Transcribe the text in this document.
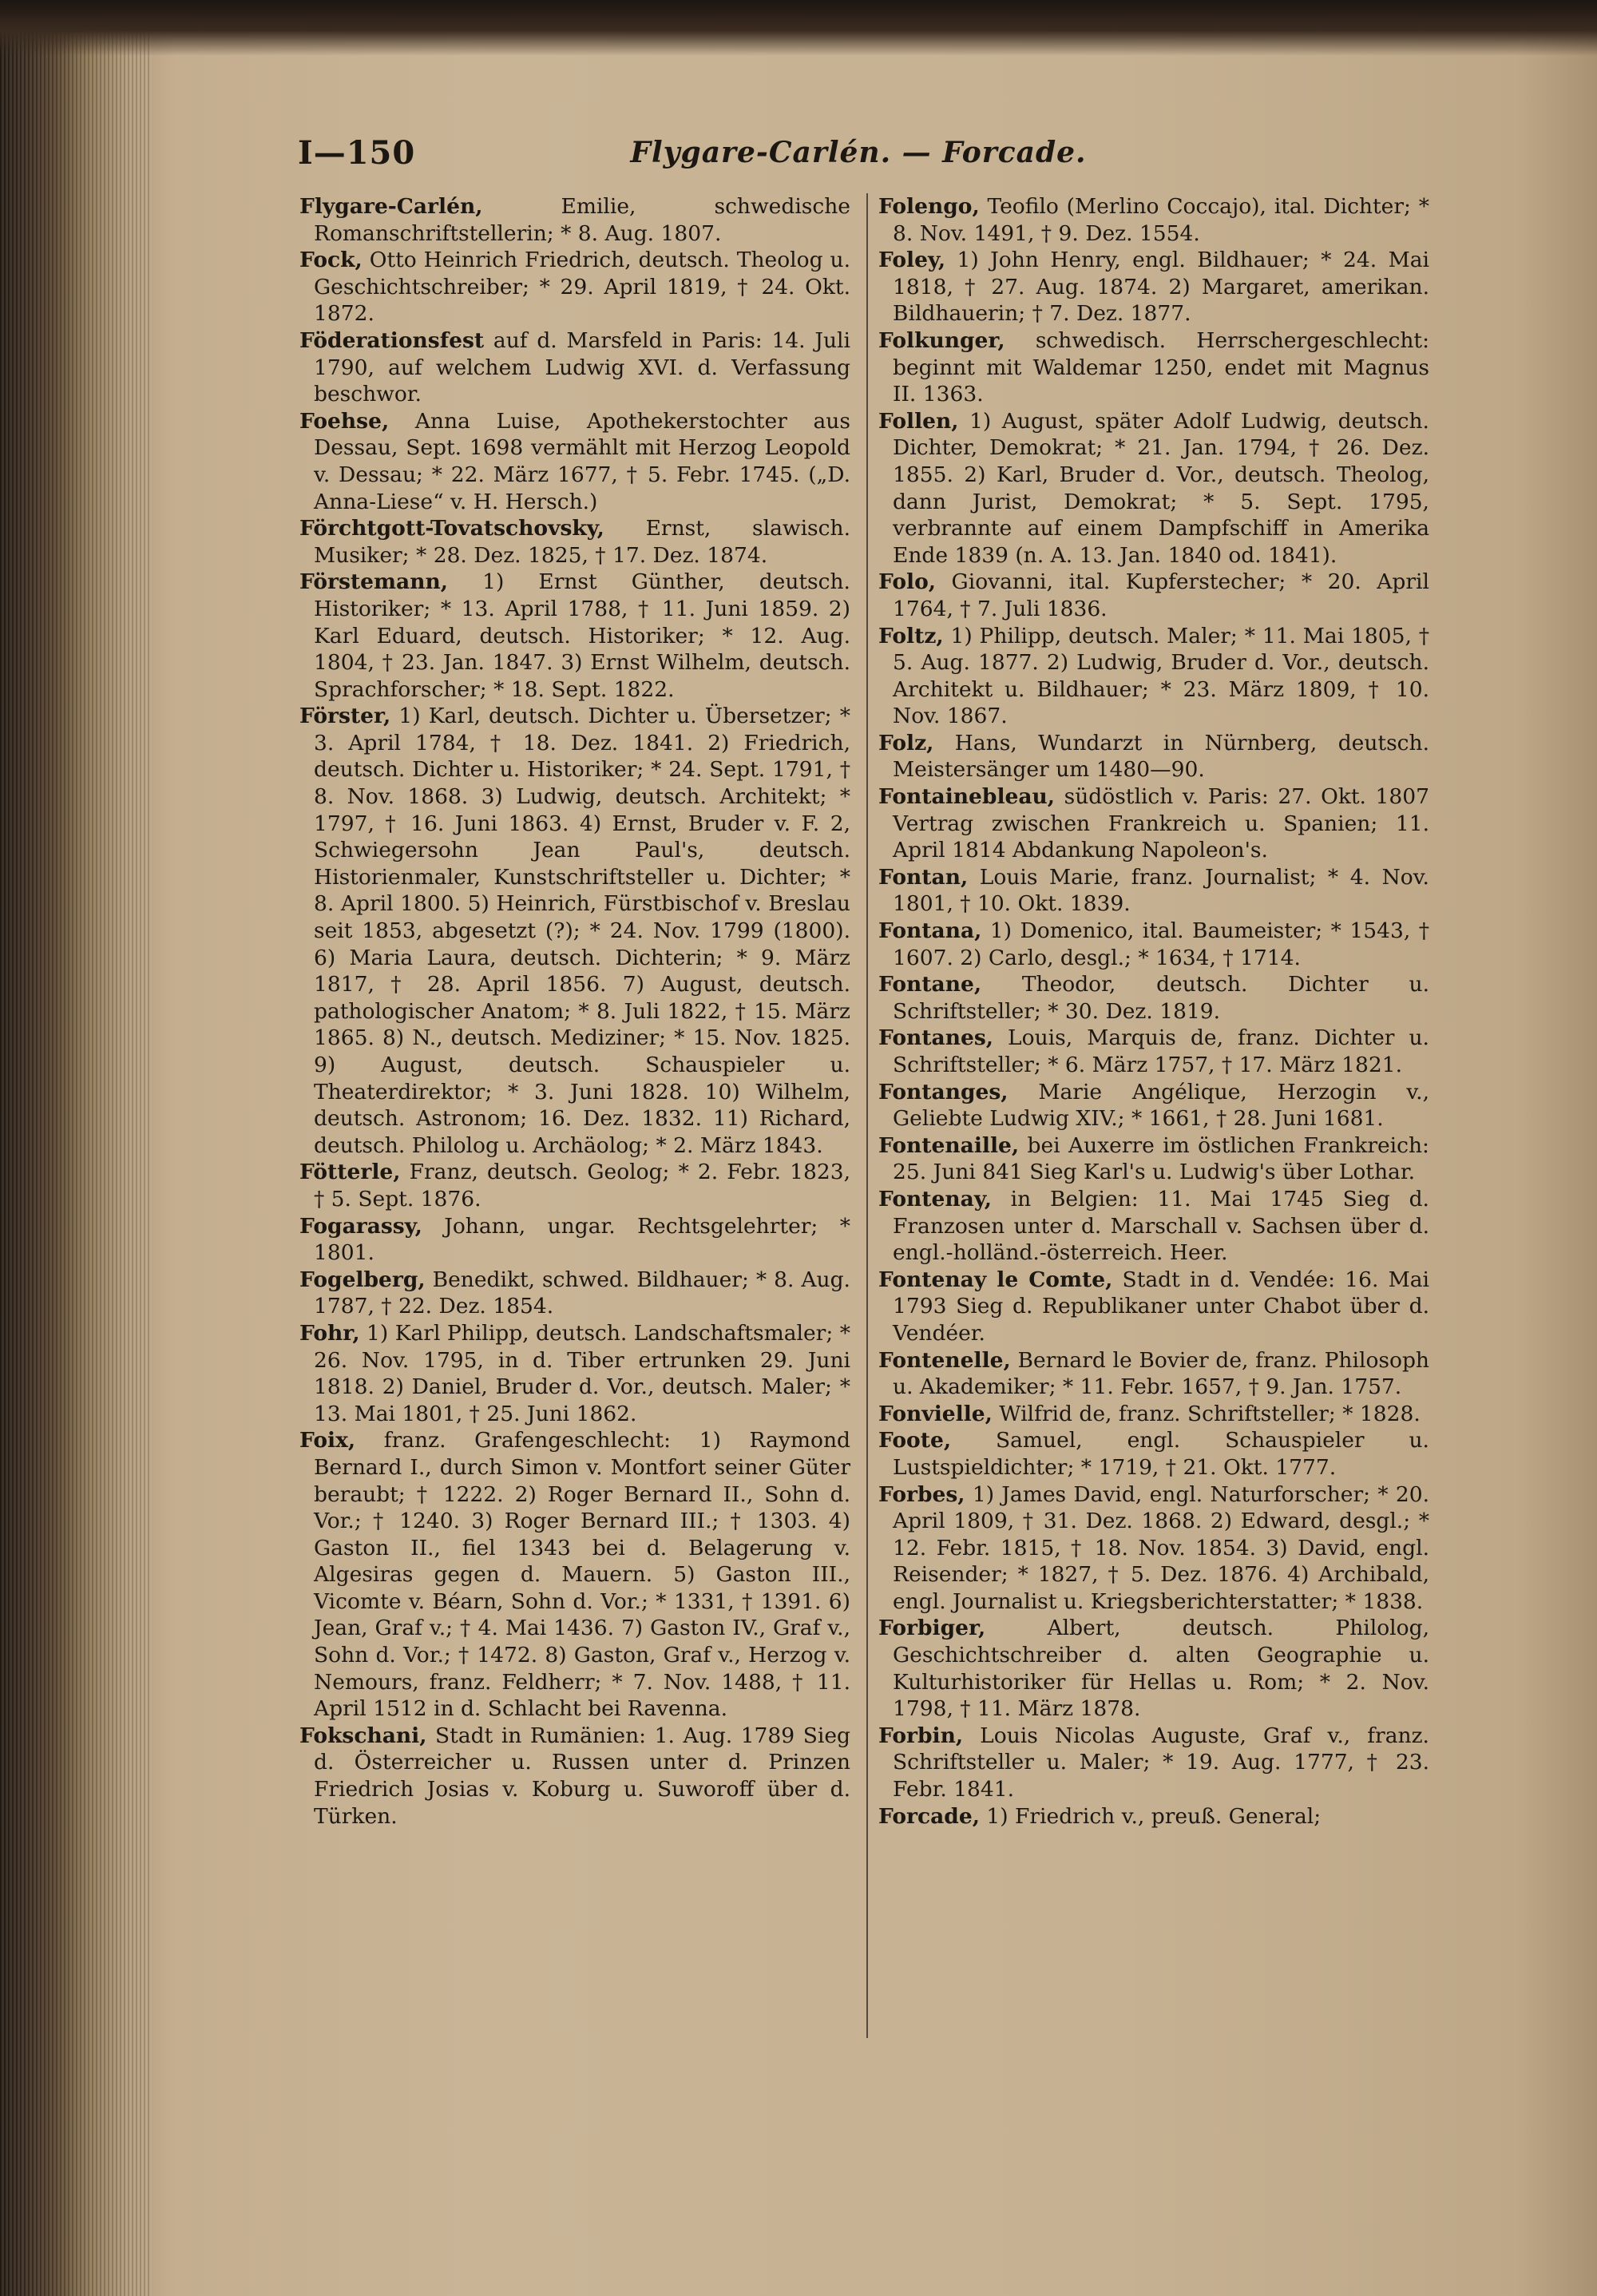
I—150	Flygare-Carlén. — Forcade.

Flygare-Carlén,	Emilie, schwedische Romanschriftstellerin; * 8. Aug. 1807.

Fock, Otto Heinrich Friedrich, deutsch. Theolog u. Geschichtschreiber; * 29. April 1819, † 24. Okt. 1872.

Föderationsfest auf d. Marsfeld in Paris: 14. Juli 1790, auf welchem Ludwig XVI. d. Verfassung beschwor.

Foehse, Anna Luise, Apothekerstochter aus Dessau, Sept. 1698 vermählt mit Herzog Leopold v. Dessau; * 22. März 1677, † 5. Febr. 1745. („D. Anna-Liese“ v. H. Hersch.)

Förchtgott-Tovatschovsky, Ernst, slawisch. Musiker; * 28. Dez. 1825, † 17. Dez. 1874.

Förstemann, 1) Ernst Günther, deutsch. Historiker; * 13. April 1788, † 11. Juni 1859. 2) Karl Eduard, deutsch. Historiker; * 12. Aug. 1804, † 23. Jan. 1847. 3) Ernst Wilhelm, deutsch. Sprachforscher; * 18. Sept. 1822.

Förster, 1) Karl, deutsch. Dichter u. Übersetzer; * 3. April 1784, † 18. Dez. 1841. 2) Friedrich, deutsch. Dichter u. Historiker; * 24. Sept. 1791, † 8. Nov. 1868. 3) Ludwig, deutsch. Architekt; * 1797, † 16. Juni 1863. 4) Ernst, Bruder v. F. 2, Schwiegersohn Jean Paul's, deutsch. Historienmaler, Kunstschriftsteller u. Dichter; * 8. April 1800. 5) Heinrich, Fürstbischof v. Breslau seit 1853, abgesetzt (?); * 24. Nov. 1799 (1800). 6) Maria Laura, deutsch. Dichterin; * 9. März 1817, † 28. April 1856. 7) August, deutsch. pathologischer Anatom; * 8. Juli 1822, † 15. März 1865. 8) N., deutsch. Mediziner; * 15. Nov. 1825. 9) August, deutsch. Schauspieler u. Theaterdirektor; * 3. Juni 1828. 10) Wilhelm, deutsch. Astronom; 16. Dez. 1832. 11) Richard, deutsch. Philolog u. Archäolog; * 2. März 1843.

Fötterle, Franz, deutsch. Geolog; * 2. Febr. 1823, † 5. Sept. 1876.

Fogarassy, Johann, ungar. Rechtsgelehrter; * 1801.

Fogelberg, Benedikt, schwed. Bildhauer; * 8. Aug. 1787, † 22. Dez. 1854.

Fohr, 1) Karl Philipp, deutsch. Landschaftsmaler; * 26. Nov. 1795, in d. Tiber ertrunken 29. Juni 1818. 2) Daniel, Bruder d. Vor., deutsch. Maler; * 13. Mai 1801, † 25. Juni 1862.

Foix, franz. Grafengeschlecht: 1) Raymond Bernard I., durch Simon v. Montfort seiner Güter beraubt; † 1222. 2) Roger Bernard II., Sohn d. Vor.; † 1240. 3) Roger Bernard III.; † 1303. 4) Gaston II., fiel 1343 bei d. Belagerung v. Algesiras gegen d. Mauern. 5) Gaston III., Vicomte v. Béarn, Sohn d. Vor.; * 1331, † 1391. 6) Jean, Graf v.; † 4. Mai 1436. 7) Gaston IV., Graf v., Sohn d. Vor.; † 1472. 8) Gaston, Graf v., Herzog v. Nemours, franz. Feldherr; * 7. Nov. 1488, † 11. April 1512 in d. Schlacht bei Ravenna.

Fokschani, Stadt in Rumänien: 1. Aug. 1789 Sieg d. Österreicher u. Russen unter d. Prinzen Friedrich Josias v. Koburg u. Suworoff über d. Türken.

Folengo, Teofilo (Merlino Coccajo), ital. Dichter; * 8. Nov. 1491, † 9. Dez. 1554.

Foley, 1) John Henry, engl. Bildhauer; * 24. Mai 1818, † 27. Aug. 1874. 2) Margaret, amerikan. Bildhauerin; † 7. Dez. 1877.

Folkunger, schwedisch. Herrschergeschlecht: beginnt mit Waldemar 1250, endet mit Magnus II. 1363.

Follen, 1) August, später Adolf Ludwig, deutsch. Dichter, Demokrat; * 21. Jan. 1794, † 26. Dez. 1855. 2) Karl, Bruder d. Vor., deutsch. Theolog, dann Jurist, Demokrat; * 5. Sept. 1795, verbrannte auf einem Dampfschiff in Amerika Ende 1839 (n. A. 13. Jan. 1840 od. 1841).

Folo, Giovanni, ital. Kupferstecher; * 20. April 1764, † 7. Juli 1836.

Foltz, 1) Philipp, deutsch. Maler; * 11. Mai 1805, † 5. Aug. 1877. 2) Ludwig, Bruder d. Vor., deutsch. Architekt u. Bildhauer; * 23. März 1809, † 10. Nov. 1867.

Folz, Hans, Wundarzt in Nürnberg, deutsch. Meistersänger um 1480—90.

Fontainebleau, südöstlich v. Paris: 27. Okt. 1807 Vertrag zwischen Frankreich u. Spanien; 11. April 1814 Abdankung Napoleon's.

Fontan, Louis Marie, franz. Journalist; * 4. Nov. 1801, † 10. Okt. 1839.

Fontana, 1) Domenico, ital. Baumeister; * 1543, † 1607. 2) Carlo, desgl.; * 1634, † 1714.

Fontane, Theodor, deutsch. Dichter u. Schriftsteller; * 30. Dez. 1819.

Fontanes, Louis, Marquis de, franz. Dichter u. Schriftsteller; * 6. März 1757, † 17. März 1821.

Fontanges, Marie Angélique, Herzogin v., Geliebte Ludwig XIV.; * 1661, † 28. Juni 1681.

Fontenaille, bei Auxerre im östlichen Frankreich: 25. Juni 841 Sieg Karl's u. Ludwig's über Lothar.

Fontenay, in Belgien: 11. Mai 1745 Sieg d. Franzosen unter d. Marschall v. Sachsen über d. engl.-holländ.-österreich. Heer.

Fontenay le Comte, Stadt in d. Vendée: 16. Mai 1793 Sieg d. Republikaner unter Chabot über d. Vendéer.

Fontenelle, Bernard le Bovier de, franz. Philosoph u. Akademiker; * 11. Febr. 1657, † 9. Jan. 1757.

Fonvielle, Wilfrid de, franz. Schriftsteller; * 1828.

Foote, Samuel, engl. Schauspieler u. Lustspieldichter; * 1719, † 21. Okt. 1777.

Forbes, 1) James David, engl. Naturforscher; * 20. April 1809, † 31. Dez. 1868. 2) Edward, desgl.; * 12. Febr. 1815, † 18. Nov. 1854. 3) David, engl. Reisender; * 1827, † 5. Dez. 1876. 4) Archibald, engl. Journalist u. Kriegsberichterstatter; * 1838.

Forbiger,	Albert, deutsch. Philolog, Geschichtschreiber d. alten Geographie u. Kulturhistoriker für Hellas u. Rom; * 2. Nov. 1798, † 11. März 1878.

Forbin, Louis Nicolas Auguste, Graf v., franz. Schriftsteller u. Maler; * 19. Aug. 1777, † 23. Febr. 1841.

Forcade, 1) Friedrich v., preuß. General;
